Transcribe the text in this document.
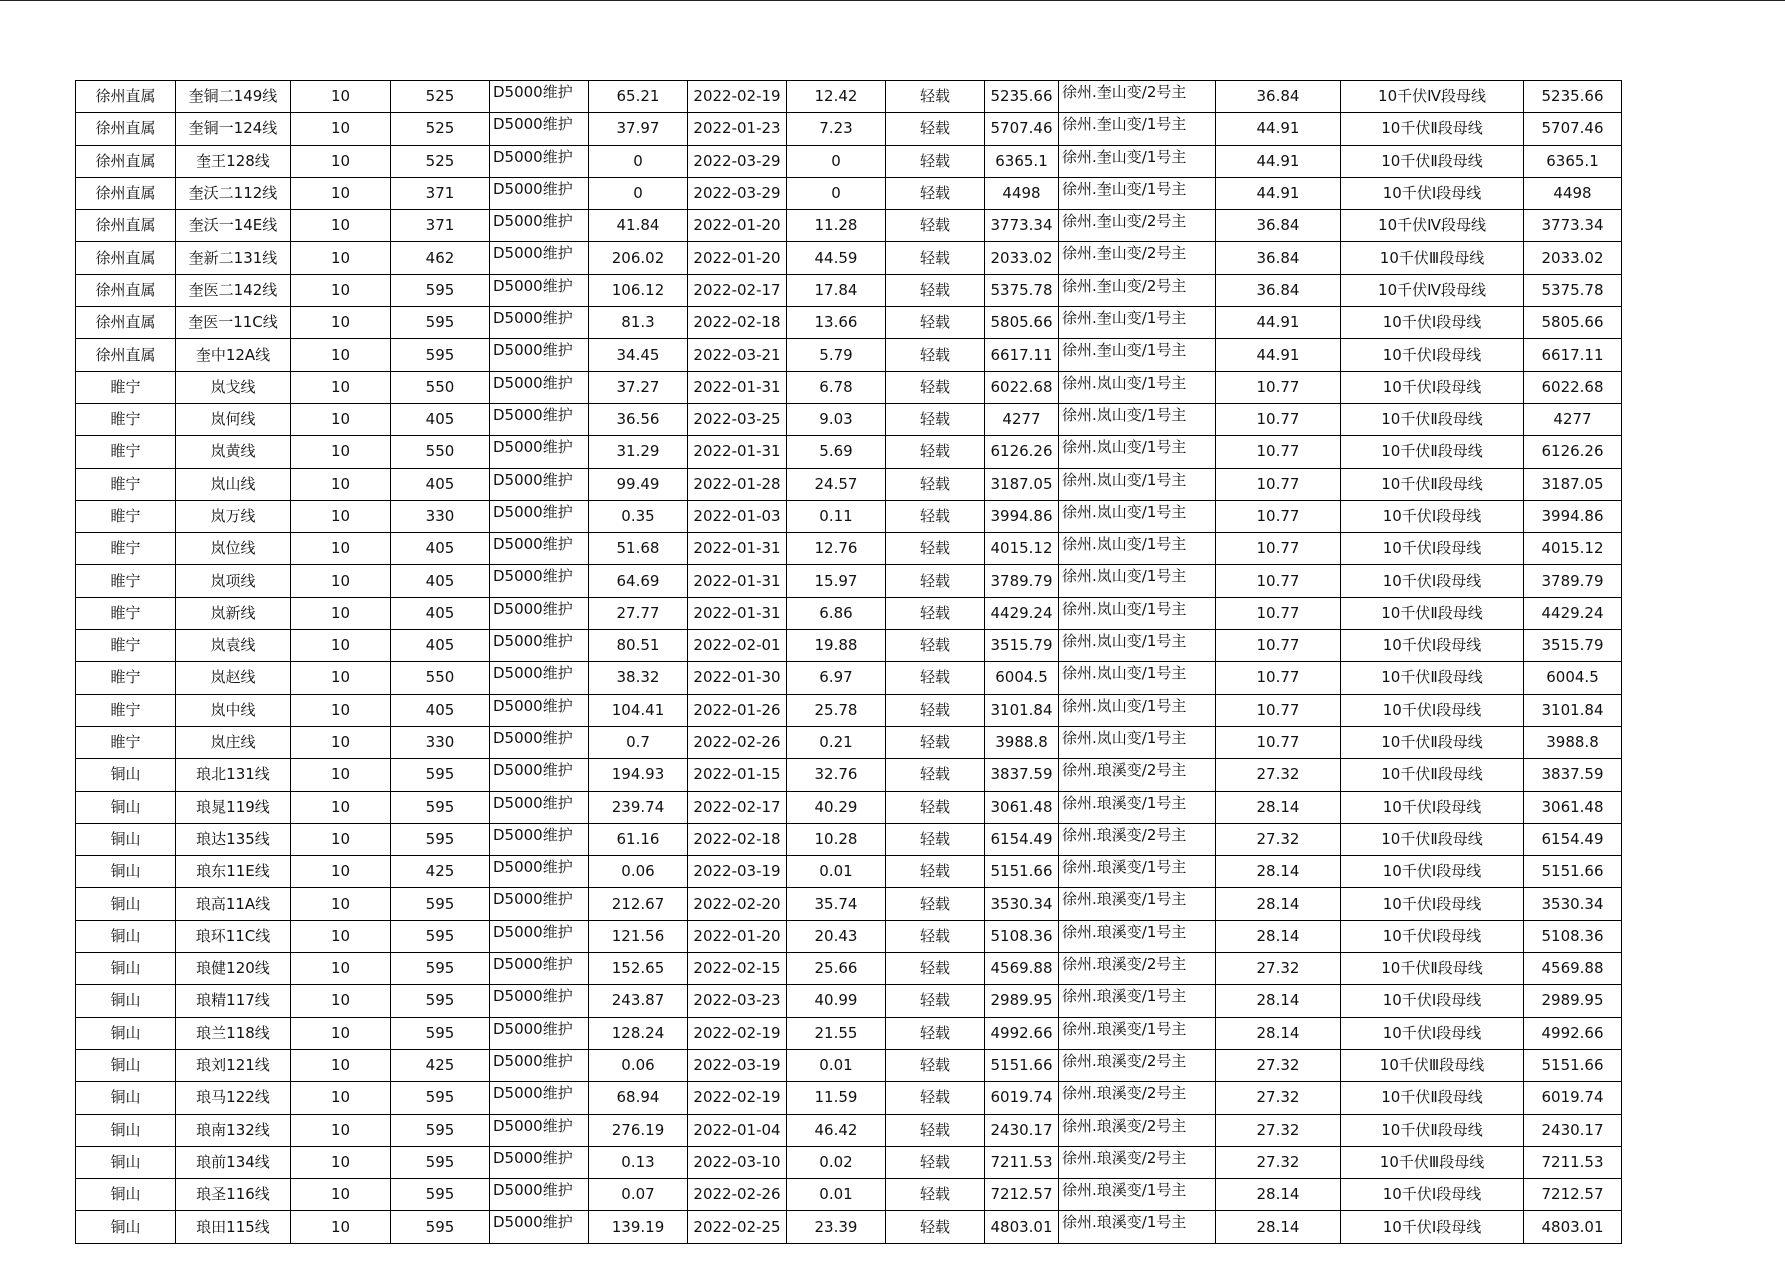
徐州直属	奎铜二149线	10	525	D5000维护	65.21	2022-02-19	12.42	轻载	5235.66	徐州.奎山变/2号主	36.84	10千伏Ⅳ段母线	5235.66
徐州直属	奎铜一124线	10	525	D5000维护	37.97	2022-01-23	7.23	轻载	5707.46	徐州.奎山变/1号主	44.91	10千伏Ⅱ段母线	5707.46
徐州直属	奎王128线	10	525	D5000维护	0	2022-03-29	0	轻载	6365.1	徐州.奎山变/1号主	44.91	10千伏Ⅱ段母线	6365.1
徐州直属	奎沃二112线	10	371	D5000维护	0	2022-03-29	0	轻载	4498	徐州.奎山变/1号主	44.91	10千伏Ⅰ段母线	4498
徐州直属	奎沃一14E线	10	371	D5000维护	41.84	2022-01-20	11.28	轻载	3773.34	徐州.奎山变/2号主	36.84	10千伏Ⅳ段母线	3773.34
徐州直属	奎新二131线	10	462	D5000维护	206.02	2022-01-20	44.59	轻载	2033.02	徐州.奎山变/2号主	36.84	10千伏Ⅲ段母线	2033.02
徐州直属	奎医二142线	10	595	D5000维护	106.12	2022-02-17	17.84	轻载	5375.78	徐州.奎山变/2号主	36.84	10千伏Ⅳ段母线	5375.78
徐州直属	奎医一11C线	10	595	D5000维护	81.3	2022-02-18	13.66	轻载	5805.66	徐州.奎山变/1号主	44.91	10千伏Ⅰ段母线	5805.66
徐州直属	奎中12A线	10	595	D5000维护	34.45	2022-03-21	5.79	轻载	6617.11	徐州.奎山变/1号主	44.91	10千伏Ⅰ段母线	6617.11
睢宁	岚戈线	10	550	D5000维护	37.27	2022-01-31	6.78	轻载	6022.68	徐州.岚山变/1号主	10.77	10千伏Ⅰ段母线	6022.68
睢宁	岚何线	10	405	D5000维护	36.56	2022-03-25	9.03	轻载	4277	徐州.岚山变/1号主	10.77	10千伏Ⅱ段母线	4277
睢宁	岚黄线	10	550	D5000维护	31.29	2022-01-31	5.69	轻载	6126.26	徐州.岚山变/1号主	10.77	10千伏Ⅱ段母线	6126.26
睢宁	岚山线	10	405	D5000维护	99.49	2022-01-28	24.57	轻载	3187.05	徐州.岚山变/1号主	10.77	10千伏Ⅱ段母线	3187.05
睢宁	岚万线	10	330	D5000维护	0.35	2022-01-03	0.11	轻载	3994.86	徐州.岚山变/1号主	10.77	10千伏Ⅰ段母线	3994.86
睢宁	岚位线	10	405	D5000维护	51.68	2022-01-31	12.76	轻载	4015.12	徐州.岚山变/1号主	10.77	10千伏Ⅰ段母线	4015.12
睢宁	岚项线	10	405	D5000维护	64.69	2022-01-31	15.97	轻载	3789.79	徐州.岚山变/1号主	10.77	10千伏Ⅰ段母线	3789.79
睢宁	岚新线	10	405	D5000维护	27.77	2022-01-31	6.86	轻载	4429.24	徐州.岚山变/1号主	10.77	10千伏Ⅱ段母线	4429.24
睢宁	岚袁线	10	405	D5000维护	80.51	2022-02-01	19.88	轻载	3515.79	徐州.岚山变/1号主	10.77	10千伏Ⅰ段母线	3515.79
睢宁	岚赵线	10	550	D5000维护	38.32	2022-01-30	6.97	轻载	6004.5	徐州.岚山变/1号主	10.77	10千伏Ⅱ段母线	6004.5
睢宁	岚中线	10	405	D5000维护	104.41	2022-01-26	25.78	轻载	3101.84	徐州.岚山变/1号主	10.77	10千伏Ⅰ段母线	3101.84
睢宁	岚庄线	10	330	D5000维护	0.7	2022-02-26	0.21	轻载	3988.8	徐州.岚山变/1号主	10.77	10千伏Ⅱ段母线	3988.8
铜山	琅北131线	10	595	D5000维护	194.93	2022-01-15	32.76	轻载	3837.59	徐州.琅溪变/2号主	27.32	10千伏Ⅱ段母线	3837.59
铜山	琅晁119线	10	595	D5000维护	239.74	2022-02-17	40.29	轻载	3061.48	徐州.琅溪变/1号主	28.14	10千伏Ⅰ段母线	3061.48
铜山	琅达135线	10	595	D5000维护	61.16	2022-02-18	10.28	轻载	6154.49	徐州.琅溪变/2号主	27.32	10千伏Ⅱ段母线	6154.49
铜山	琅东11E线	10	425	D5000维护	0.06	2022-03-19	0.01	轻载	5151.66	徐州.琅溪变/1号主	28.14	10千伏Ⅰ段母线	5151.66
铜山	琅高11A线	10	595	D5000维护	212.67	2022-02-20	35.74	轻载	3530.34	徐州.琅溪变/1号主	28.14	10千伏Ⅰ段母线	3530.34
铜山	琅环11C线	10	595	D5000维护	121.56	2022-01-20	20.43	轻载	5108.36	徐州.琅溪变/1号主	28.14	10千伏Ⅰ段母线	5108.36
铜山	琅健120线	10	595	D5000维护	152.65	2022-02-15	25.66	轻载	4569.88	徐州.琅溪变/2号主	27.32	10千伏Ⅱ段母线	4569.88
铜山	琅精117线	10	595	D5000维护	243.87	2022-03-23	40.99	轻载	2989.95	徐州.琅溪变/1号主	28.14	10千伏Ⅰ段母线	2989.95
铜山	琅兰118线	10	595	D5000维护	128.24	2022-02-19	21.55	轻载	4992.66	徐州.琅溪变/1号主	28.14	10千伏Ⅰ段母线	4992.66
铜山	琅刘121线	10	425	D5000维护	0.06	2022-03-19	0.01	轻载	5151.66	徐州.琅溪变/2号主	27.32	10千伏Ⅲ段母线	5151.66
铜山	琅马122线	10	595	D5000维护	68.94	2022-02-19	11.59	轻载	6019.74	徐州.琅溪变/2号主	27.32	10千伏Ⅱ段母线	6019.74
铜山	琅南132线	10	595	D5000维护	276.19	2022-01-04	46.42	轻载	2430.17	徐州.琅溪变/2号主	27.32	10千伏Ⅱ段母线	2430.17
铜山	琅前134线	10	595	D5000维护	0.13	2022-03-10	0.02	轻载	7211.53	徐州.琅溪变/2号主	27.32	10千伏Ⅲ段母线	7211.53
铜山	琅圣116线	10	595	D5000维护	0.07	2022-02-26	0.01	轻载	7212.57	徐州.琅溪变/1号主	28.14	10千伏Ⅰ段母线	7212.57
铜山	琅田115线	10	595	D5000维护	139.19	2022-02-25	23.39	轻载	4803.01	徐州.琅溪变/1号主	28.14	10千伏Ⅰ段母线	4803.01
